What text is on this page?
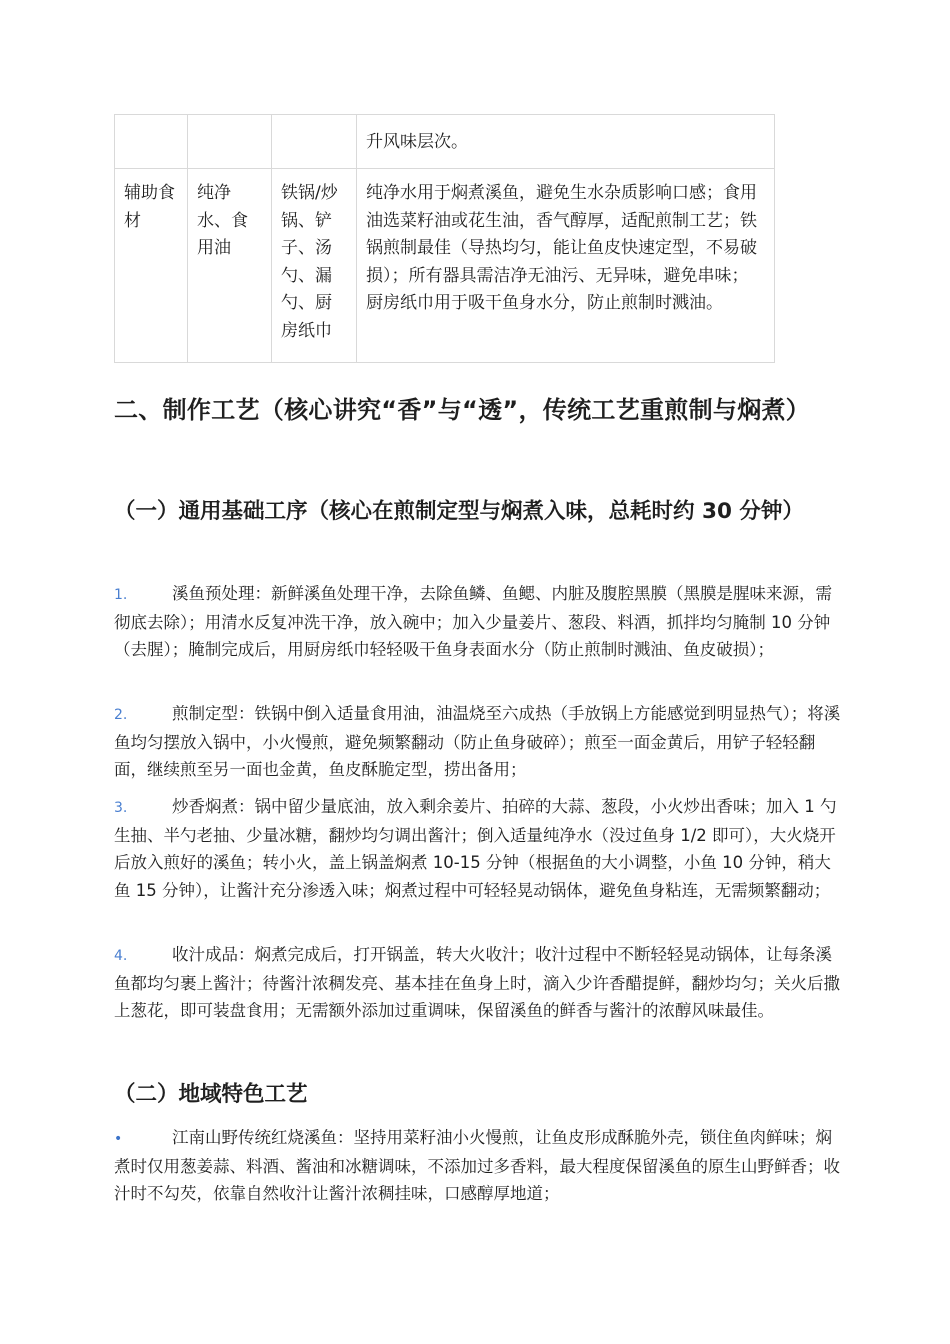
			升风味层次。
辅助食材	纯净水、食用油	铁锅/炒锅、铲子、汤勺、漏勺、厨房纸巾	纯净水用于焖煮溪鱼，避免生水杂质影响口感；食用油选菜籽油或花生油，香气醇厚，适配煎制工艺；铁锅煎制最佳（导热均匀，能让鱼皮快速定型，不易破损）；所有器具需洁净无油污、无异味，避免串味；厨房纸巾用于吸干鱼身水分，防止煎制时溅油。
二、制作工艺（核心讲究“香”与“透”，传统工艺重煎制与焖煮）
（一）通用基础工序（核心在煎制定型与焖煮入味，总耗时约 30 分钟）
1.	溪鱼预处理：新鲜溪鱼处理干净，去除鱼鳞、鱼鳃、内脏及腹腔黑膜（黑膜是腥味来源，需彻底去除）；用清水反复冲洗干净，放入碗中；加入少量姜片、葱段、料酒，抓拌均匀腌制 10 分钟（去腥）；腌制完成后，用厨房纸巾轻轻吸干鱼身表面水分（防止煎制时溅油、鱼皮破损）；
2.	煎制定型：铁锅中倒入适量食用油，油温烧至六成热（手放锅上方能感觉到明显热气）；将溪鱼均匀摆放入锅中，小火慢煎，避免频繁翻动（防止鱼身破碎）；煎至一面金黄后，用铲子轻轻翻面，继续煎至另一面也金黄，鱼皮酥脆定型，捞出备用；
3.	炒香焖煮：锅中留少量底油，放入剩余姜片、拍碎的大蒜、葱段，小火炒出香味；加入 1 勺生抽、半勺老抽、少量冰糖，翻炒均匀调出酱汁；倒入适量纯净水（没过鱼身 1/2 即可），大火烧开后放入煎好的溪鱼；转小火，盖上锅盖焖煮 10-15 分钟（根据鱼的大小调整，小鱼 10 分钟，稍大鱼 15 分钟），让酱汁充分渗透入味；焖煮过程中可轻轻晃动锅体，避免鱼身粘连，无需频繁翻动；
4.	收汁成品：焖煮完成后，打开锅盖，转大火收汁；收汁过程中不断轻轻晃动锅体，让每条溪鱼都均匀裹上酱汁；待酱汁浓稠发亮、基本挂在鱼身上时，滴入少许香醋提鲜，翻炒均匀；关火后撒上葱花，即可装盘食用；无需额外添加过重调味，保留溪鱼的鲜香与酱汁的浓醇风味最佳。
（二）地域特色工艺
•	江南山野传统红烧溪鱼：坚持用菜籽油小火慢煎，让鱼皮形成酥脆外壳，锁住鱼肉鲜味；焖煮时仅用葱姜蒜、料酒、酱油和冰糖调味，不添加过多香料，最大程度保留溪鱼的原生山野鲜香；收汁时不勾芡，依靠自然收汁让酱汁浓稠挂味，口感醇厚地道；
